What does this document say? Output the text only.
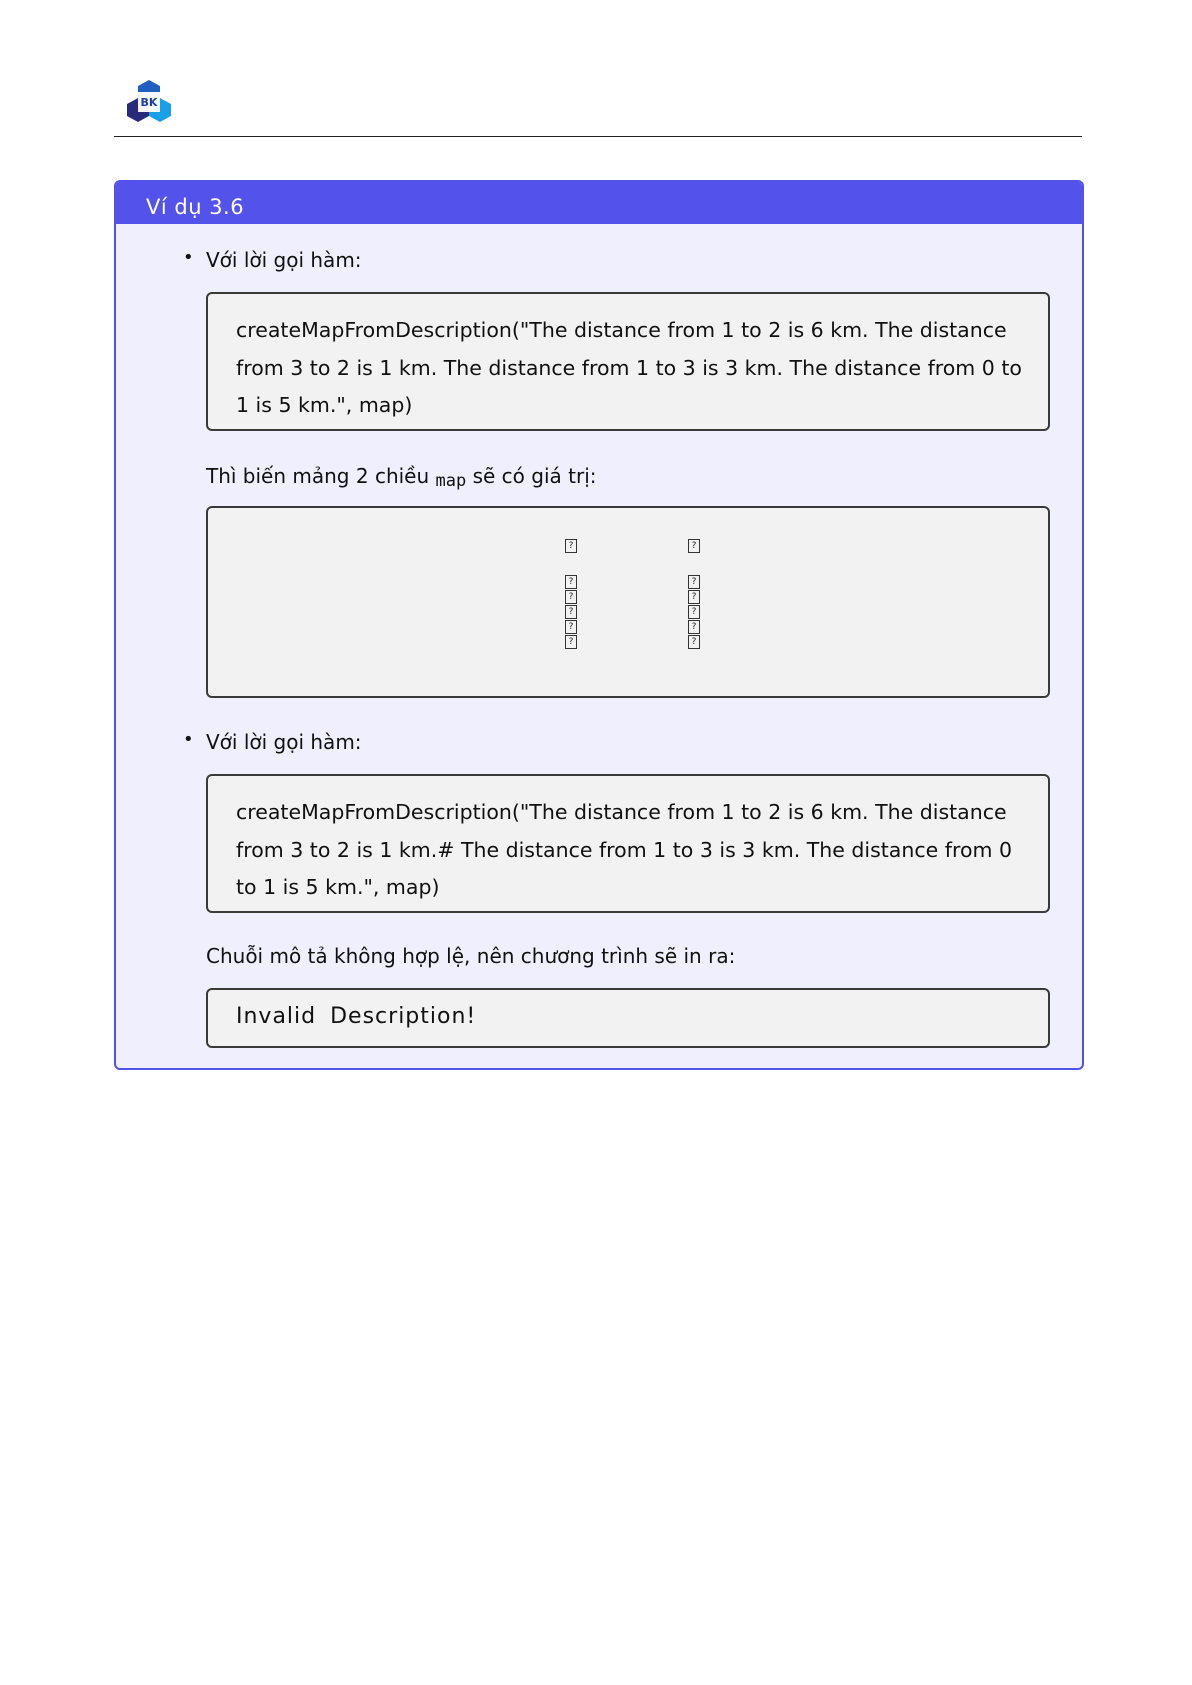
BK
Ví dụ 3.6
• Với lời gọi hàm:
createMapFromDescription("The distance from 1 to 2 is 6 km. The distance from 3 to 2 is 1 km. The distance from 1 to 3 is 3 km. The distance from 0 to 1 is 5 km.", map)
Thì biến mảng 2 chiều map sẽ có giá trị:
?
?
?
?
?
?
?
?
?
?
?
?
• Với lời gọi hàm:
createMapFromDescription("The distance from 1 to 2 is 6 km. The distance from 3 to 2 is 1 km.# The distance from 1 to 3 is 3 km. The distance from 0 to 1 is 5 km.", map)
Chuỗi mô tả không hợp lệ, nên chương trình sẽ in ra:
Invalid Description!
